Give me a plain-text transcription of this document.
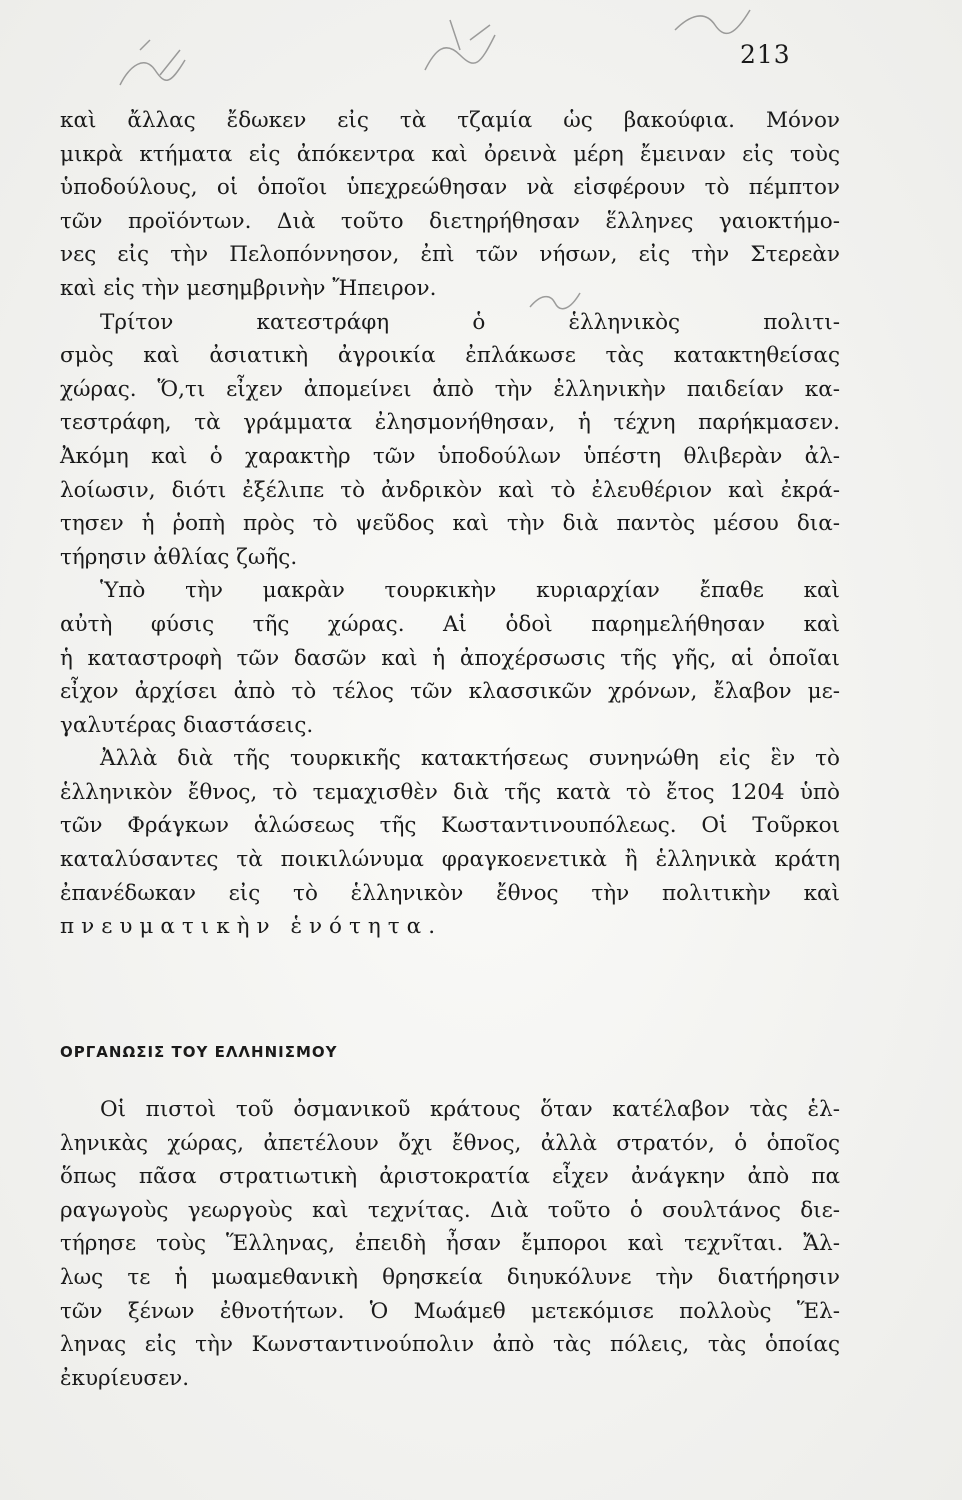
213
καὶ ἄλλας ἔδωκεν εἰς τὰ τζαμία ὡς βακούφια. Μόνον
μικρὰ κτήματα εἰς ἀπόκεντρα καὶ ὀρεινὰ μέρη ἔμειναν εἰς τοὺς
ὑποδούλους, οἱ ὁποῖοι ὑπεχρεώθησαν νὰ εἰσφέρουν τὸ πέμπτον
τῶν προϊόντων. Διὰ τοῦτο διετηρήθησαν ἕλληνες γαιοκτήμο-
νες εἰς τὴν Πελοπόννησον, ἐπὶ τῶν νήσων, εἰς τὴν Στερεὰν
καὶ εἰς τὴν μεσημβρινὴν Ἤπειρον.
Τρίτον κατεστράφη ὁ ἑλληνικὸς πολιτι-
σμὸς καὶ ἀσιατικὴ ἀγροικία ἐπλάκωσε τὰς κατακτηθείσας
χώρας. Ὅ,τι εἶχεν ἀπομείνει ἀπὸ τὴν ἑλληνικὴν παιδείαν κα-
τεστράφη, τὰ γράμματα ἐλησμονήθησαν, ἡ τέχνη παρήκμασεν.
Ἀκόμη καὶ ὁ χαρακτὴρ τῶν ὑποδούλων ὑπέστη θλιβερὰν ἀλ-
λοίωσιν, διότι ἐξέλιπε τὸ ἀνδρικὸν καὶ τὸ ἐλευθέριον καὶ ἐκρά-
τησεν ἡ ῥοπὴ πρὸς τὸ ψεῦδος καὶ τὴν διὰ παντὸς μέσου δια-
τήρησιν ἀθλίας ζωῆς.
Ὑπὸ τὴν μακρὰν τουρκικὴν κυριαρχίαν ἔπαθε καὶ
αὐτὴ φύσις τῆς χώρας. Αἱ ὁδοὶ παρημελήθησαν καὶ
ἡ καταστροφὴ τῶν δασῶν καὶ ἡ ἀποχέρσωσις τῆς γῆς, αἱ ὁποῖαι
εἶχον ἀρχίσει ἀπὸ τὸ τέλος τῶν κλασσικῶν χρόνων, ἔλαβον με-
γαλυτέρας διαστάσεις.
Ἀλλὰ διὰ τῆς τουρκικῆς κατακτήσεως συνηνώθη εἰς ἓν τὸ
ἑλληνικὸν ἔθνος, τὸ τεμαχισθὲν διὰ τῆς κατὰ τὸ ἔτος 1204 ὑπὸ
τῶν Φράγκων ἁλώσεως τῆς Κωσταντινουπόλεως. Οἱ Τοῦρκοι
καταλύσαντες τὰ ποικιλώνυμα φραγκοενετικὰ ἢ ἑλληνικὰ κράτη
ἐπανέδωκαν εἰς τὸ ἑλληνικὸν ἔθνος τὴν πολιτικὴν καὶ
πνευματικὴν ἑνότητα.
ΟΡΓΑΝΩΣΙΣ ΤΟΥ ΕΛΛΗΝΙΣΜΟΥ
Οἱ πιστοὶ τοῦ ὀσμανικοῦ κράτους ὅταν κατέλαβον τὰς ἑλ-
ληνικὰς χώρας, ἀπετέλουν ὄχι ἔθνος, ἀλλὰ στρατόν, ὁ ὁποῖος
ὅπως πᾶσα στρατιωτικὴ ἀριστοκρατία εἶχεν ἀνάγκην ἀπὸ πα
ραγωγοὺς γεωργοὺς καὶ τεχνίτας. Διὰ τοῦτο ὁ σουλτάνος διε-
τήρησε τοὺς Ἕλληνας, ἐπειδὴ ἦσαν ἔμποροι καὶ τεχνῖται. Ἄλ-
λως τε ἡ μωαμεθανικὴ θρησκεία διηυκόλυνε τὴν διατήρησιν
τῶν ξένων ἐθνοτήτων. Ὁ Μωάμεθ μετεκόμισε πολλοὺς Ἕλ-
ληνας εἰς τὴν Κωνσταντινούπολιν ἀπὸ τὰς πόλεις, τὰς ὁποίας
ἐκυρίευσεν.
